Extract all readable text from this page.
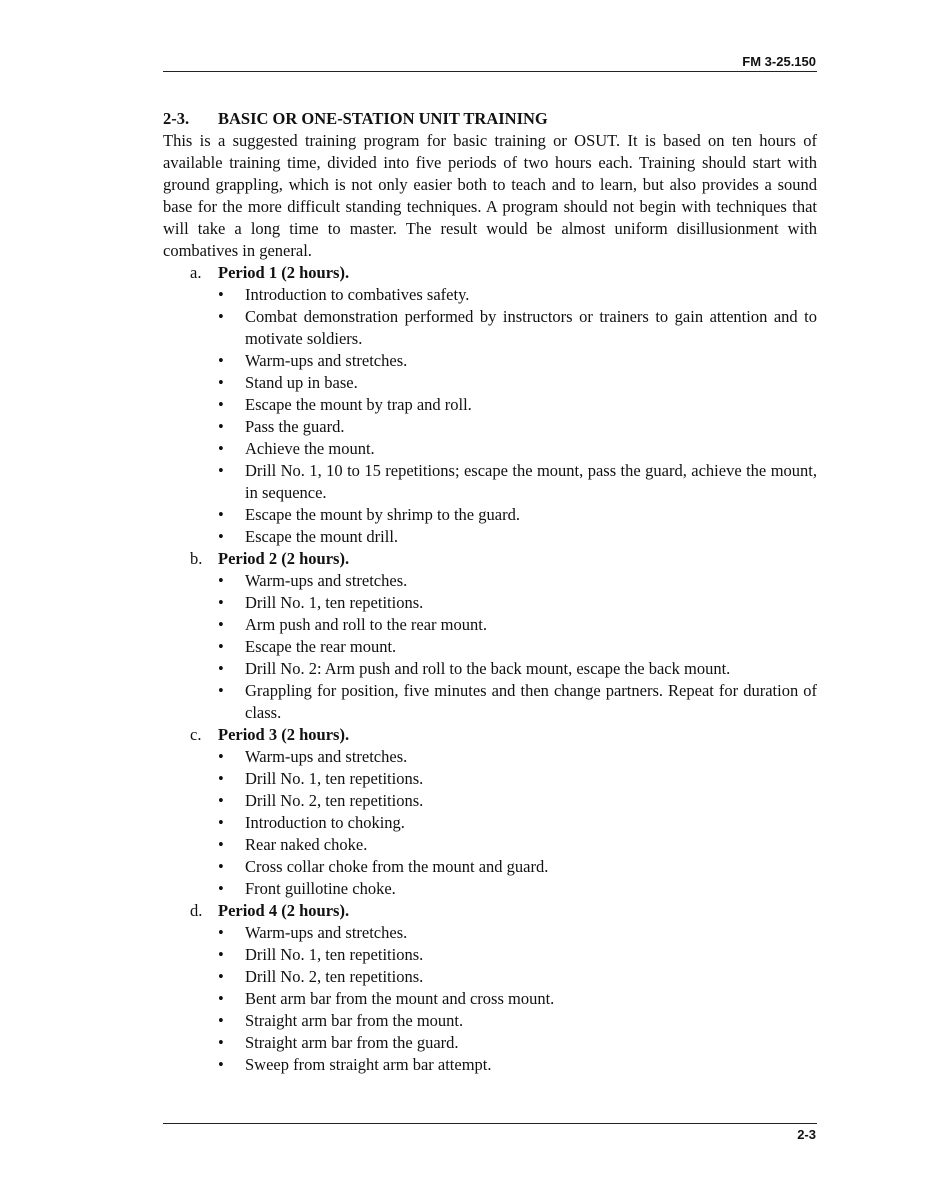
FM 3-25.150

2-3. BASIC OR ONE-STATION UNIT TRAINING

This is a suggested training program for basic training or OSUT. It is based on ten hours of available training time, divided into five periods of two hours each. Training should start with ground grappling, which is not only easier both to teach and to learn, but also provides a sound base for the more difficult standing techniques. A program should not begin with techniques that will take a long time to master. The result would be almost uniform disillusionment with combatives in general.

a. Period 1 (2 hours).

• Introduction to combatives safety.
• Combat demonstration performed by instructors or trainers to gain attention and to motivate soldiers.
• Warm-ups and stretches.
• Stand up in base.
• Escape the mount by trap and roll.
• Pass the guard.
• Achieve the mount.
• Drill No. 1, 10 to 15 repetitions; escape the mount, pass the guard, achieve the mount, in sequence.
• Escape the mount by shrimp to the guard.
• Escape the mount drill.

b. Period 2 (2 hours).

• Warm-ups and stretches.
• Drill No. 1, ten repetitions.
• Arm push and roll to the rear mount.
• Escape the rear mount.
• Drill No. 2: Arm push and roll to the back mount, escape the back mount.
• Grappling for position, five minutes and then change partners. Repeat for duration of class.

c. Period 3 (2 hours).

• Warm-ups and stretches.
• Drill No. 1, ten repetitions.
• Drill No. 2, ten repetitions.
• Introduction to choking.
• Rear naked choke.
• Cross collar choke from the mount and guard.
• Front guillotine choke.

d. Period 4 (2 hours).

• Warm-ups and stretches.
• Drill No. 1, ten repetitions.
• Drill No. 2, ten repetitions.
• Bent arm bar from the mount and cross mount.
• Straight arm bar from the mount.
• Straight arm bar from the guard.
• Sweep from straight arm bar attempt.
2-3
